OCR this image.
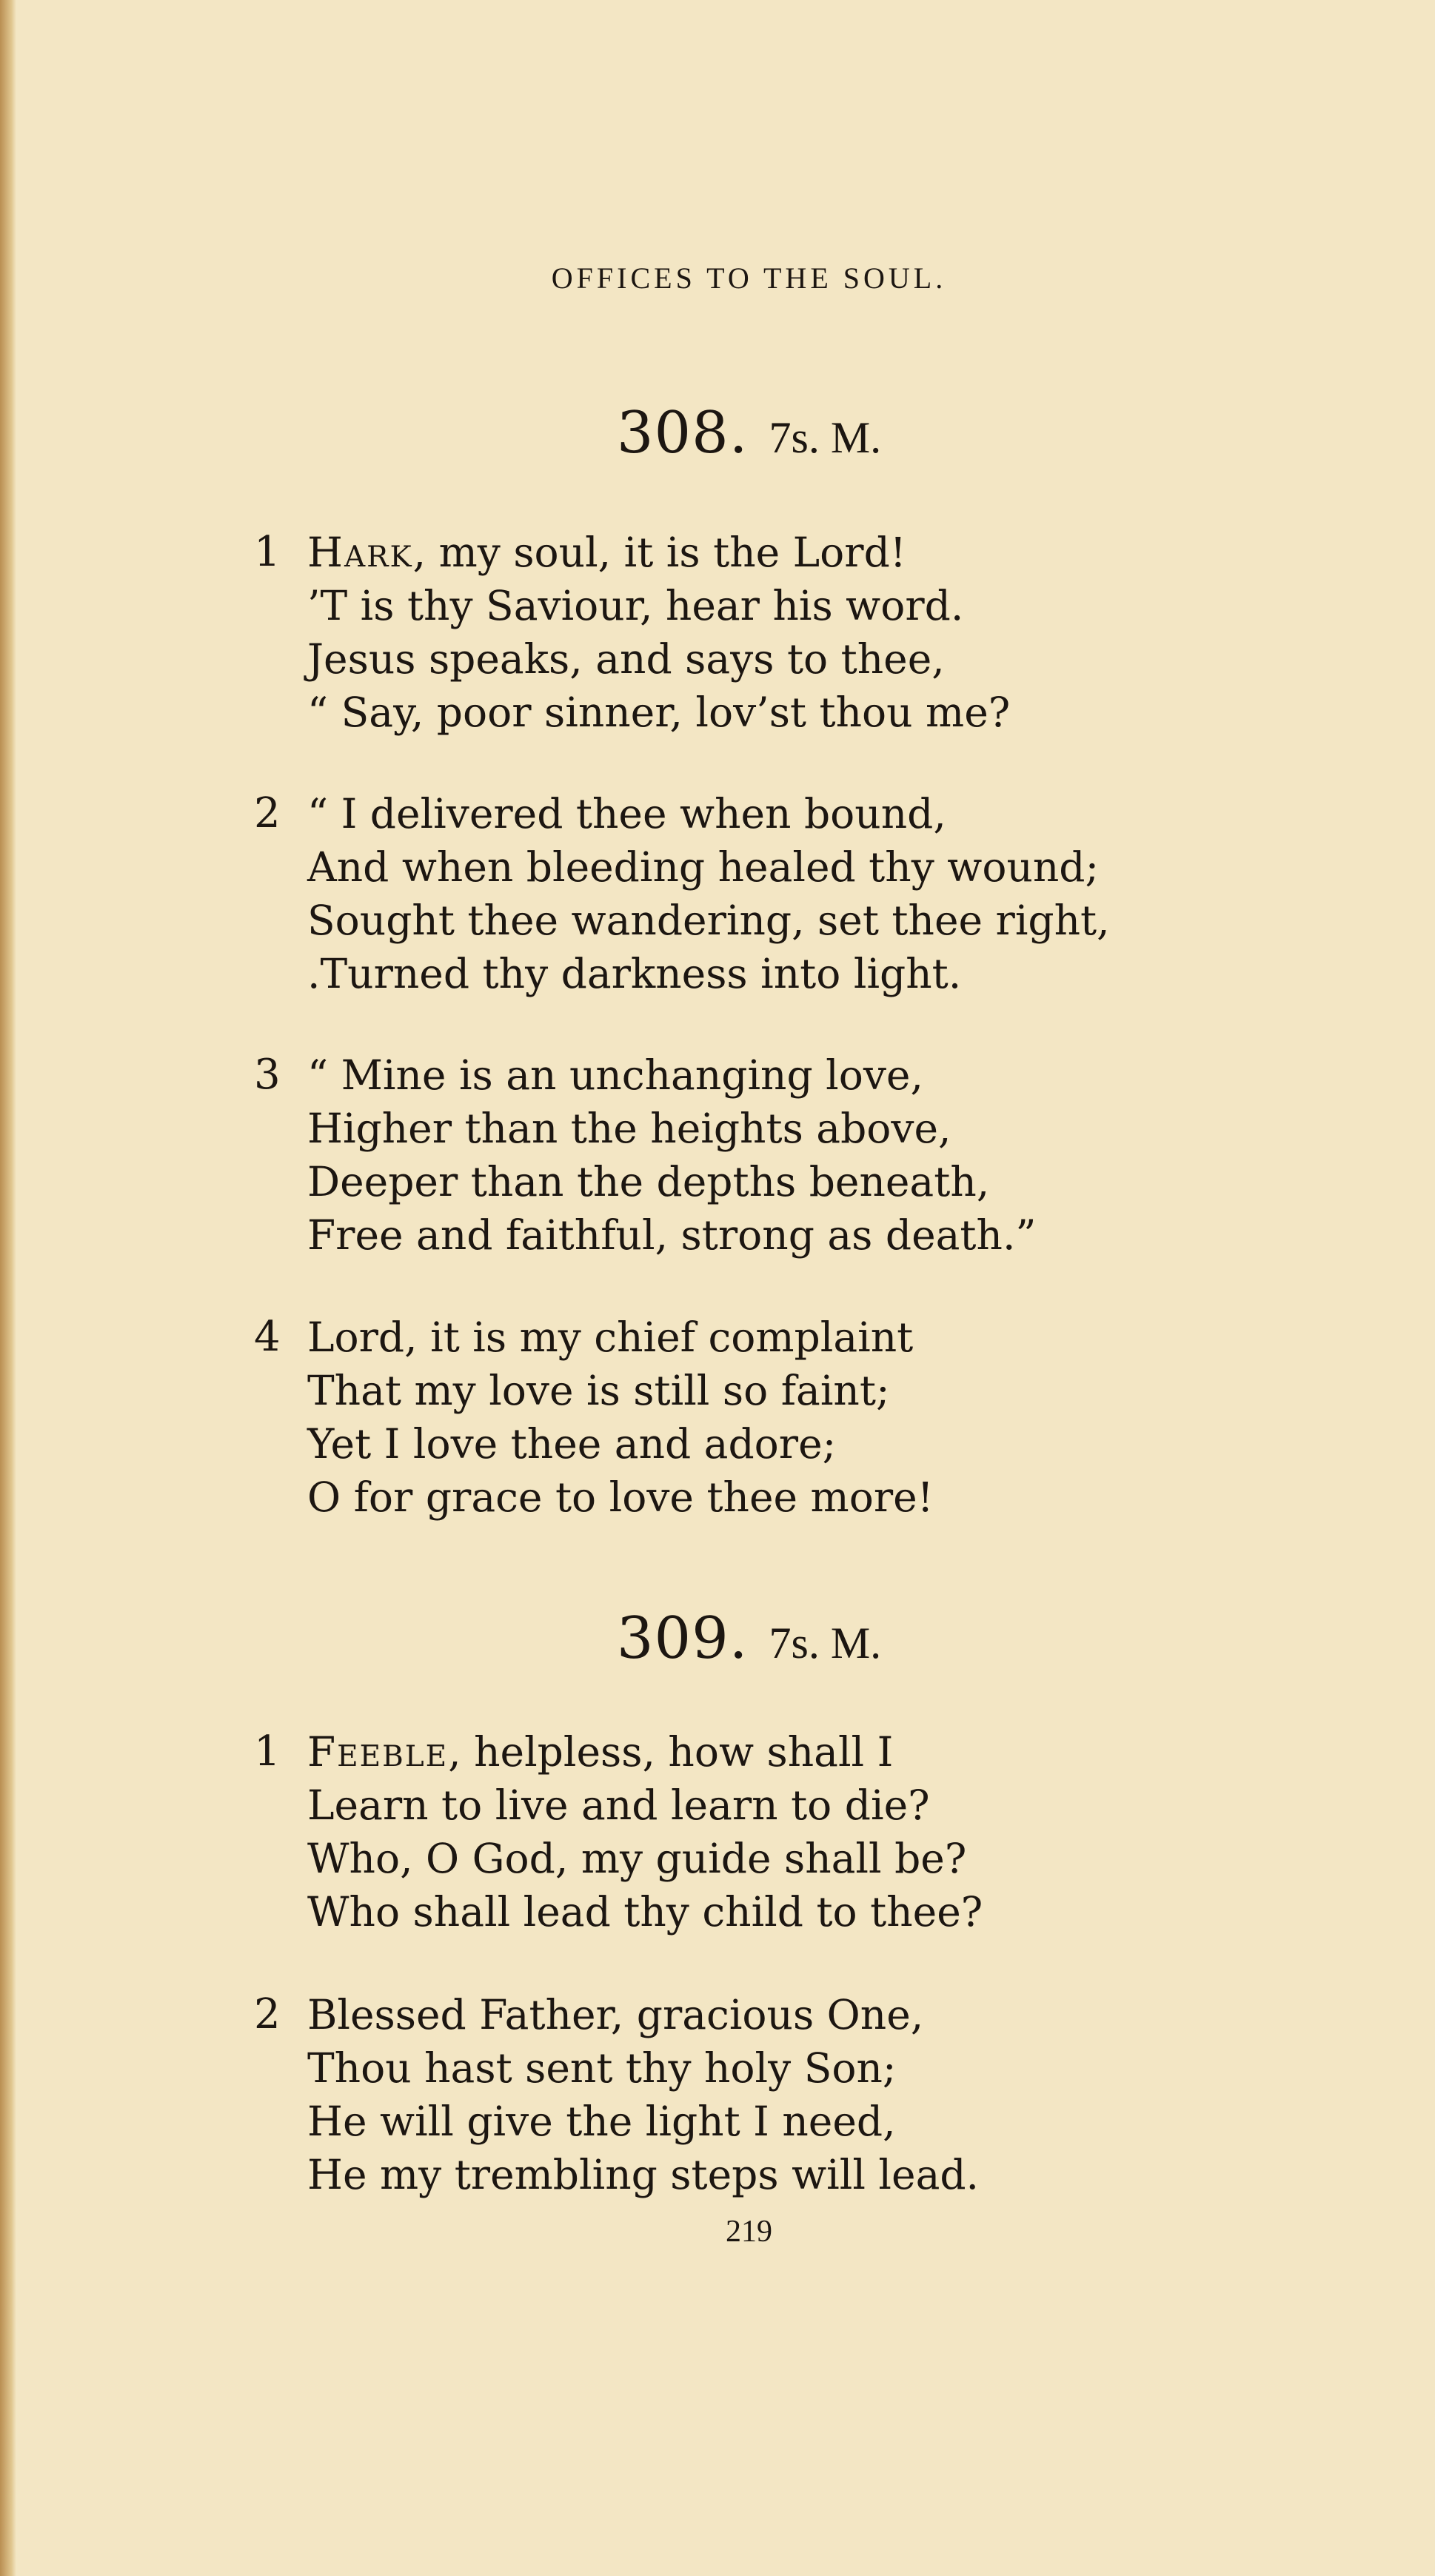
OFFICES TO THE SOUL.
308. 7s. M.
1 Hark, my soul, it is the Lord!
’T is thy Saviour, hear his word.
Jesus speaks, and says to thee,
“ Say, poor sinner, lov’st thou me?
2 “ I delivered thee when bound,
And when bleeding healed thy wound;
Sought thee wandering, set thee right,
.Turned thy darkness into light.
3 “ Mine is an unchanging love,
Higher than the heights above,
Deeper than the depths beneath,
Free and faithful, strong as death.”
4 Lord, it is my chief complaint
That my love is still so faint;
Yet I love thee and adore;
O for grace to love thee more!
309. 7s. M.
1 Feeble, helpless, how shall I
Learn to live and learn to die?
Who, O God, my guide shall be?
Who shall lead thy child to thee?
2 Blessed Father, gracious One,
Thou hast sent thy holy Son;
He will give the light I need,
He my trembling steps will lead.
219
